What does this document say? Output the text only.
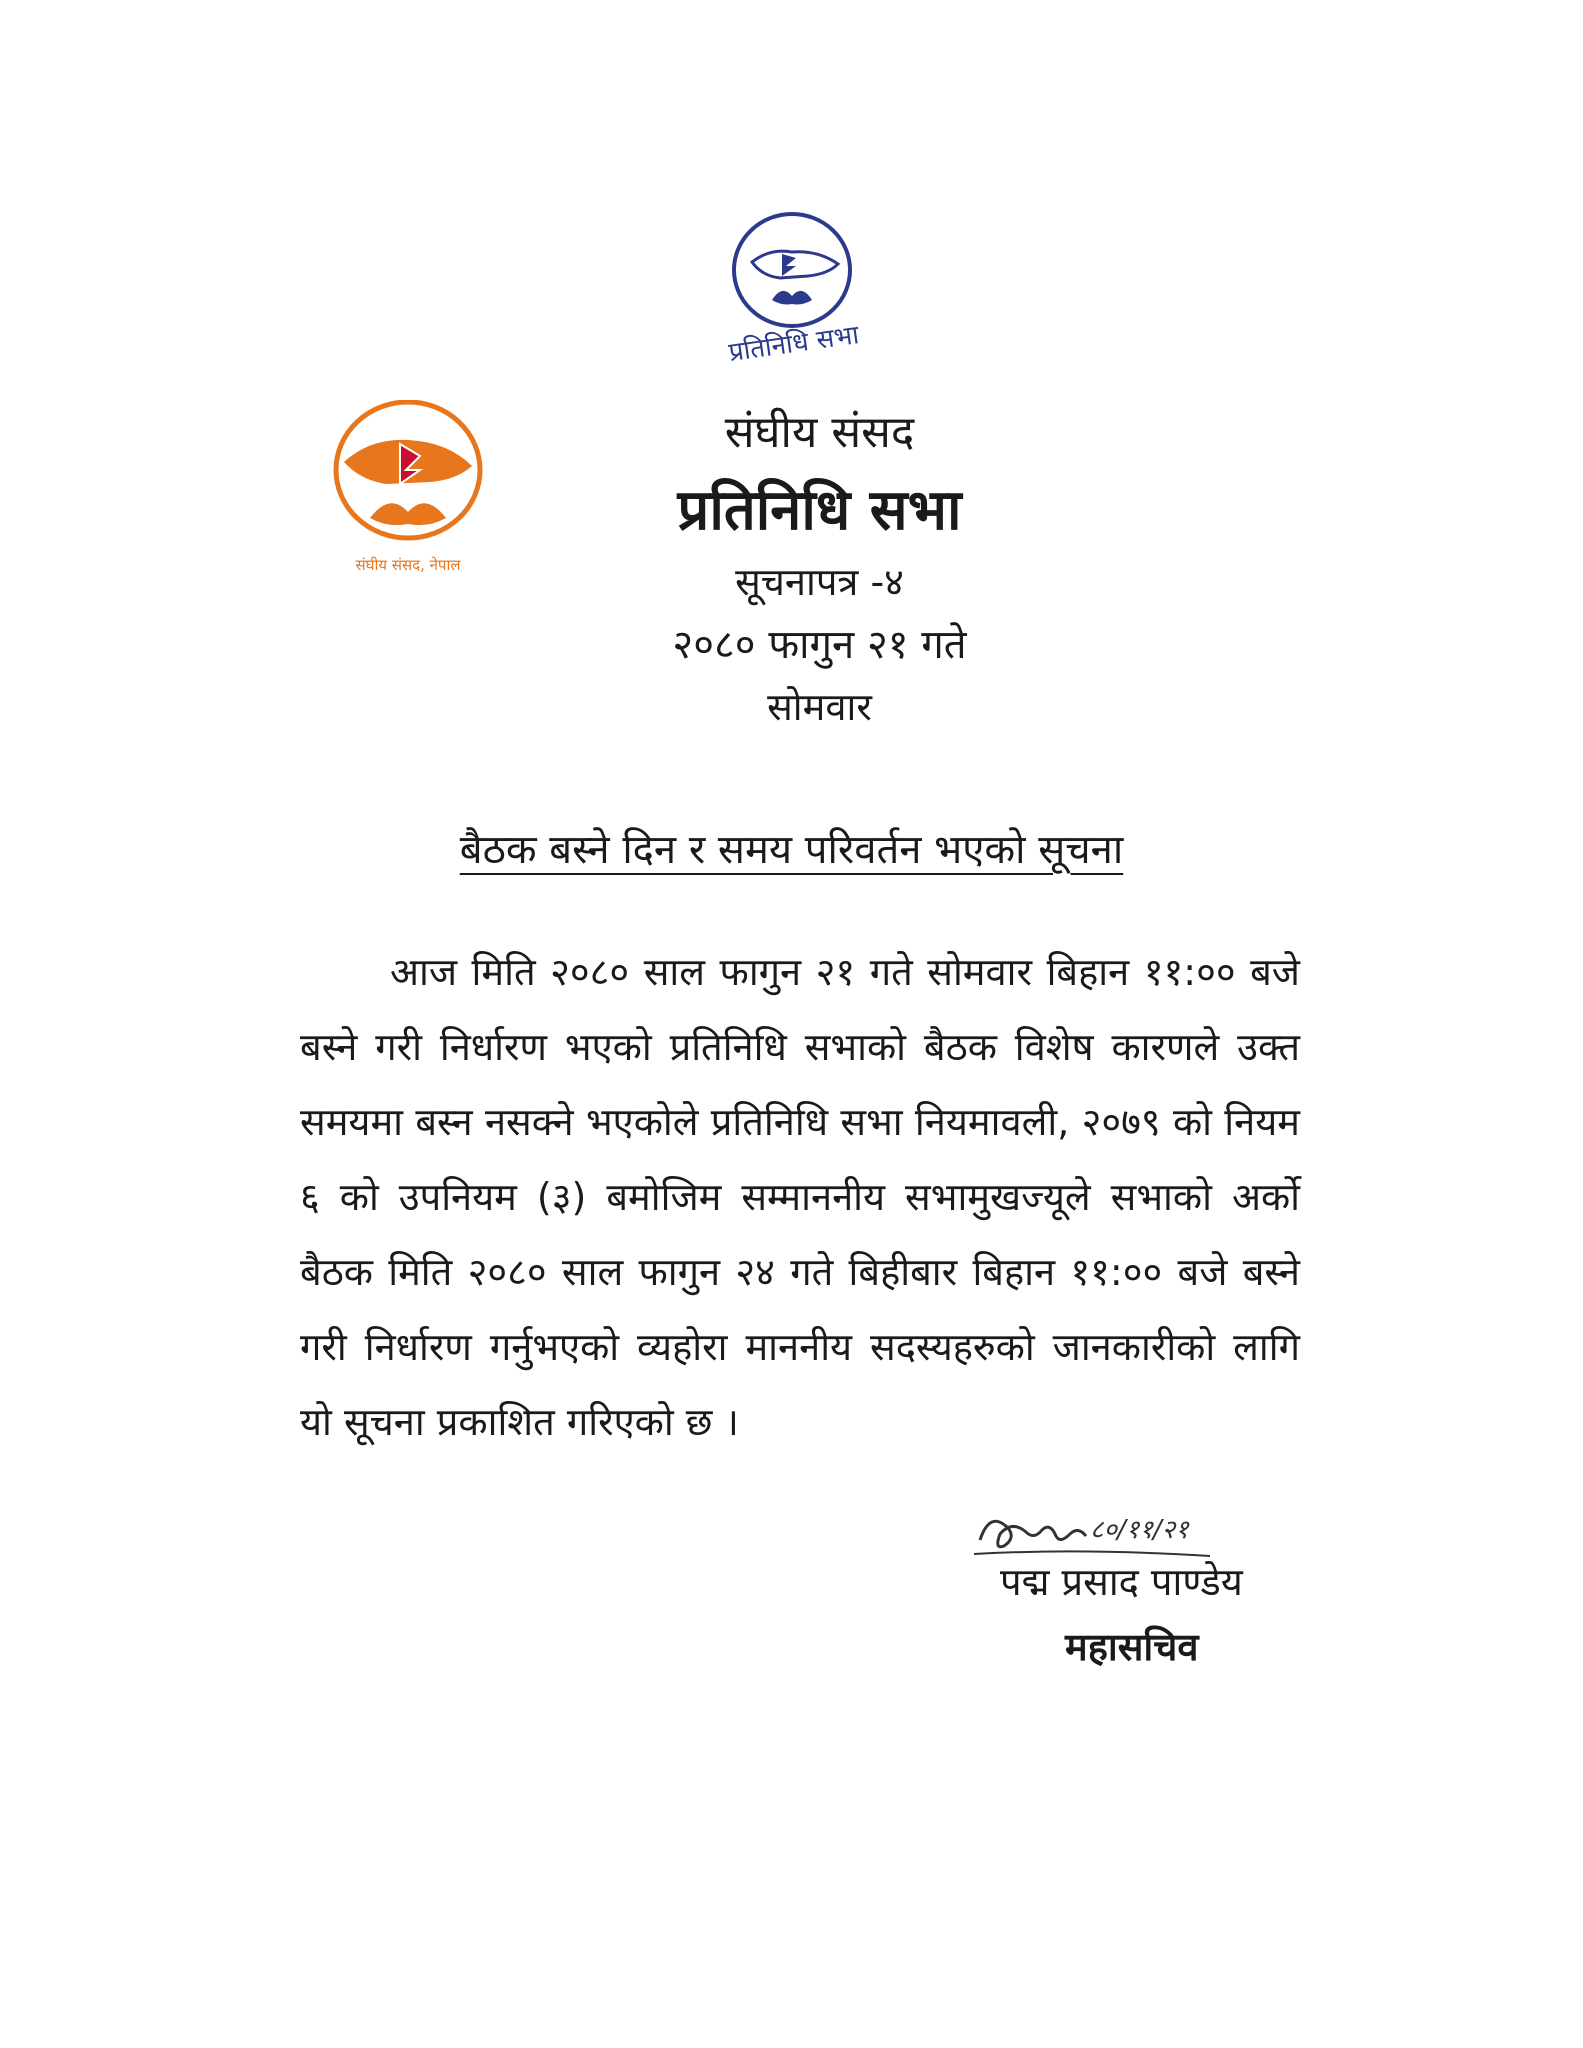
प्रतिनिधि सभा
संघीय संसद, नेपाल
संघीय संसद
प्रतिनिधि सभा
सूचनापत्र -४
२०८० फागुन २१ गते
सोमवार
बैठक बस्ने दिन र समय परिवर्तन भएको सूचना

आज मिति २०८० साल फागुन २१ गते सोमवार बिहान ११:०० बजे बस्ने गरी निर्धारण भएको प्रतिनिधि सभाको बैठक विशेष कारणले उक्त समयमा बस्न नसक्ने भएकोले प्रतिनिधि सभा नियमावली, २०७९ को नियम ६ को उपनियम (३) बमोजिम सम्माननीय सभामुखज्यूले सभाको अर्को बैठक मिति २०८० साल फागुन २४ गते बिहीबार बिहान ११:०० बजे बस्ने गरी निर्धारण गर्नुभएको व्यहोरा माननीय सदस्यहरुको जानकारीको लागि यो सूचना प्रकाशित गरिएको छ ।

८०/११/२१
पद्म प्रसाद पाण्डेय
महासचिव
